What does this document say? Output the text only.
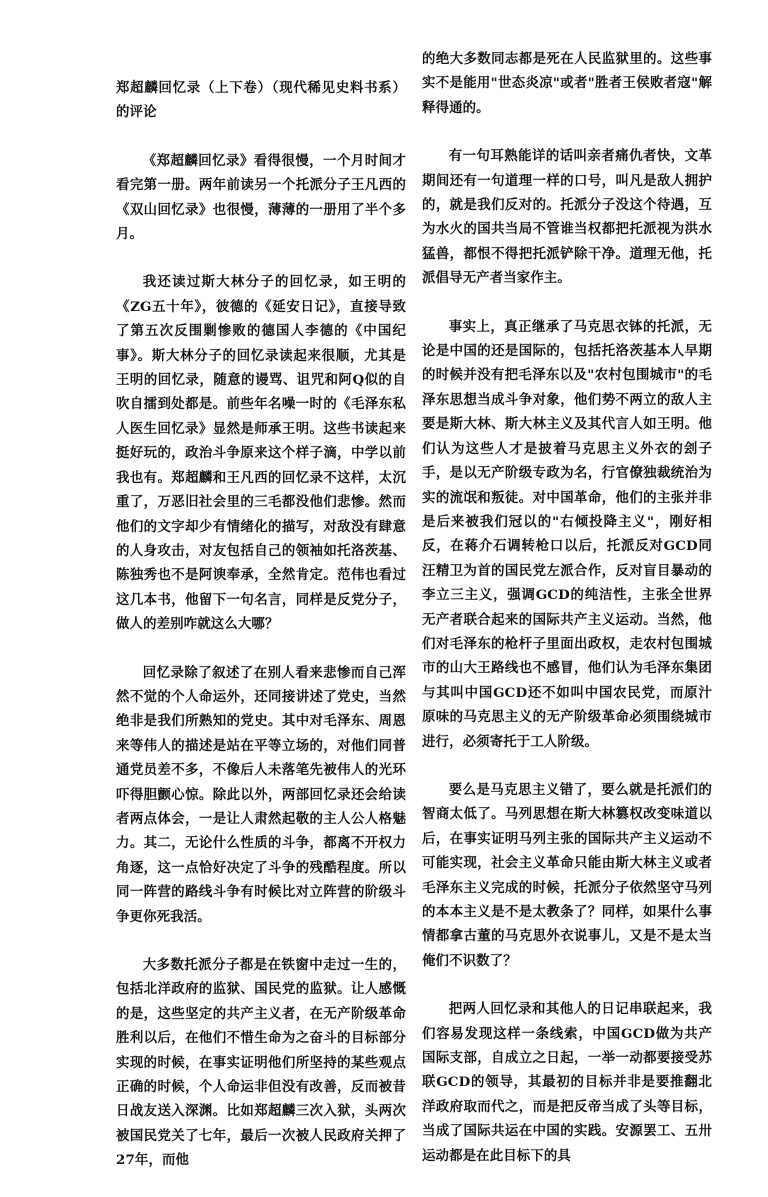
郑超麟回忆录（上下卷）（现代稀见史料书系）的评论

《郑超麟回忆录》看得很慢，一个月时间才看完第一册。两年前读另一个托派分子王凡西的《双山回忆录》也很慢，薄薄的一册用了半个多月。

我还读过斯大林分子的回忆录，如王明的《ZG五十年》，彼德的《延安日记》，直接导致了第五次反围剿惨败的德国人李德的《中国纪事》。斯大林分子的回忆录读起来很顺，尤其是王明的回忆录，随意的谩骂、诅咒和阿Q似的自吹自擂到处都是。前些年名噪一时的《毛泽东私人医生回忆录》显然是师承王明。这些书读起来挺好玩的，政治斗争原来这个样子滴，中学以前我也有。郑超麟和王凡西的回忆录不这样，太沉重了，万恶旧社会里的三毛都没他们悲惨。然而他们的文字却少有情绪化的描写，对敌没有肆意的人身攻击，对友包括自己的领袖如托洛茨基、陈独秀也不是阿谀奉承，全然肯定。范伟也看过这几本书，他留下一句名言，同样是反党分子，做人的差别咋就这么大哪？

回忆录除了叙述了在别人看来悲惨而自己浑然不觉的个人命运外，还同接讲述了党史，当然绝非是我们所熟知的党史。其中对毛泽东、周恩来等伟人的描述是站在平等立场的，对他们同普通党员差不多，不像后人未落笔先被伟人的光环吓得胆颤心惊。除此以外，两部回忆录还会给读者两点体会，一是让人肃然起敬的主人公人格魅力。其二，无论什么性质的斗争，都离不开权力角逐，这一点恰好决定了斗争的残酷程度。所以同一阵营的路线斗争有时候比对立阵营的阶级斗争更你死我活。

大多数托派分子都是在铁窗中走过一生的，包括北洋政府的监狱、国民党的监狱。让人感慨的是，这些坚定的共产主义者，在无产阶级革命胜利以后，在他们不惜生命为之奋斗的目标部分实现的时候，在事实证明他们所坚持的某些观点正确的时候，个人命运非但没有改善，反而被昔日战友送入深渊。比如郑超麟三次入狱，头两次被国民党关了七年，最后一次被人民政府关押了27年，而他

的绝大多数同志都是死在人民监狱里的。这些事实不是能用"世态炎凉"或者"胜者王侯败者寇"解释得通的。

有一句耳熟能详的话叫亲者痛仇者快，文革期间还有一句道理一样的口号，叫凡是敌人拥护的，就是我们反对的。托派分子没这个待遇，互为水火的国共当局不管谁当权都把托派视为洪水猛兽，都恨不得把托派铲除干净。道理无他，托派倡导无产者当家作主。

事实上，真正继承了马克思衣钵的托派，无论是中国的还是国际的，包括托洛茨基本人早期的时候并没有把毛泽东以及"农村包围城市"的毛泽东思想当成斗争对象，他们势不两立的敌人主要是斯大林、斯大林主义及其代言人如王明。他们认为这些人才是披着马克思主义外衣的刽子手，是以无产阶级专政为名，行官僚独裁统治为实的流氓和叛徒。对中国革命，他们的主张并非是后来被我们冠以的"右倾投降主义"，刚好相反，在蒋介石调转枪口以后，托派反对GCD同汪精卫为首的国民党左派合作，反对盲目暴动的李立三主义，强调GCD的纯洁性，主张全世界无产者联合起来的国际共产主义运动。当然，他们对毛泽东的枪杆子里面出政权，走农村包围城市的山大王路线也不感冒，他们认为毛泽东集团与其叫中国GCD还不如叫中国农民党，而原汁原味的马克思主义的无产阶级革命必须围绕城市进行，必须寄托于工人阶级。

要么是马克思主义错了，要么就是托派们的智商太低了。马列思想在斯大林篡权改变味道以后，在事实证明马列主张的国际共产主义运动不可能实现，社会主义革命只能由斯大林主义或者毛泽东主义完成的时候，托派分子依然坚守马列的本本主义是不是太教条了？同样，如果什么事情都拿古董的马克思外衣说事儿，又是不是太当俺们不识数了？

把两人回忆录和其他人的日记串联起来，我们容易发现这样一条线索，中国GCD做为共产国际支部，自成立之日起，一举一动都要接受苏联GCD的领导，其最初的目标并非是要推翻北洋政府取而代之，而是把反帝当成了头等目标，当成了国际共运在中国的实践。安源罢工、五卅运动都是在此目标下的具
